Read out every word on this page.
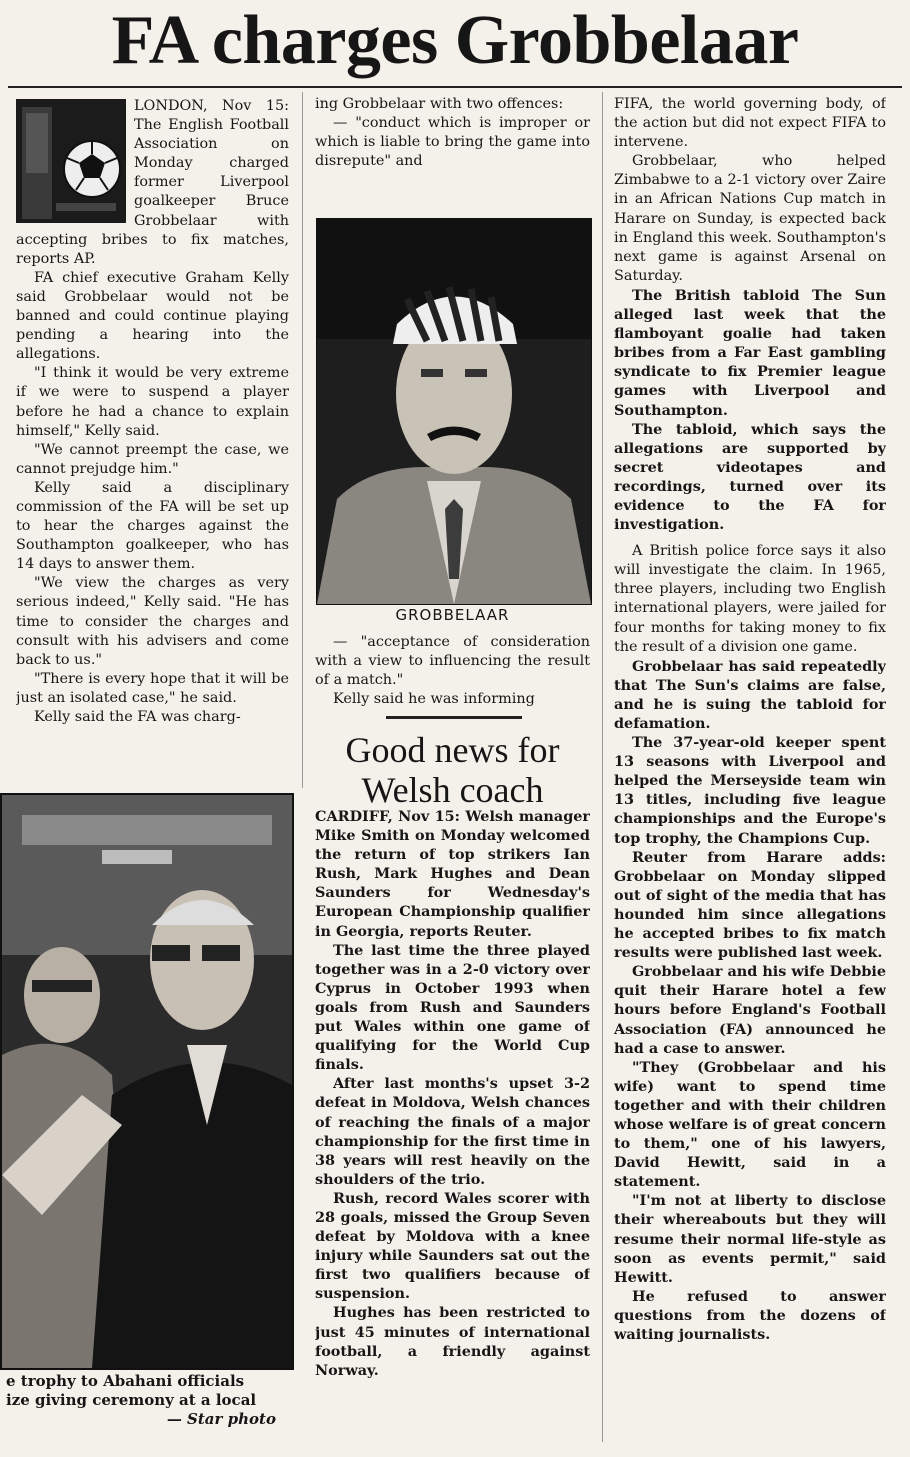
FA charges Grobbelaar

LONDON, Nov 15: The English Football Association on Monday charged former Liverpool goalkeeper Bruce Grobbelaar with accepting bribes to fix matches, reports AP.

FA chief executive Graham Kelly said Grobbelaar would not be banned and could continue playing pending a hearing into the allegations.

"I think it would be very extreme if we were to suspend a player before he had a chance to explain himself," Kelly said.

"We cannot preempt the case, we cannot prejudge him."

Kelly said a disciplinary commission of the FA will be set up to hear the charges against the Southampton goalkeeper, who has 14 days to answer them.

"We view the charges as very serious indeed," Kelly said. "He has time to consider the charges and consult with his advisers and come back to us."

"There is every hope that it will be just an isolated case," he said.

Kelly said the FA was charg-

ing Grobbelaar with two offences:

— "conduct which is improper or which is liable to bring the game into disrepute" and

GROBBELAAR

— "acceptance of consideration with a view to influencing the result of a match."

Kelly said he was informing

Good news for Welsh coach

CARDIFF, Nov 15: Welsh manager Mike Smith on Monday welcomed the return of top strikers Ian Rush, Mark Hughes and Dean Saunders for Wednesday's European Championship qualifier in Georgia, reports Reuter.

The last time the three played together was in a 2-0 victory over Cyprus in October 1993 when goals from Rush and Saunders put Wales within one game of qualifying for the World Cup finals.

After last months's upset 3-2 defeat in Moldova, Welsh chances of reaching the finals of a major championship for the first time in 38 years will rest heavily on the shoulders of the trio.

Rush, record Wales scorer with 28 goals, missed the Group Seven defeat by Moldova with a knee injury while Saunders sat out the first two qualifiers because of suspension.

Hughes has been restricted to just 45 minutes of international football, a friendly against Norway.

e trophy to Abahani officials
ize giving ceremony at a local
— Star photo

FIFA, the world governing body, of the action but did not expect FIFA to intervene.

Grobbelaar, who helped Zimbabwe to a 2-1 victory over Zaire in an African Nations Cup match in Harare on Sunday, is expected back in England this week. Southampton's next game is against Arsenal on Saturday.

The British tabloid The Sun alleged last week that the flamboyant goalie had taken bribes from a Far East gambling syndicate to fix Premier league games with Liverpool and Southampton.

The tabloid, which says the allegations are supported by secret videotapes and recordings, turned over its evidence to the FA for investigation.

A British police force says it also will investigate the claim. In 1965, three players, including two English international players, were jailed for four months for taking money to fix the result of a division one game.

Grobbelaar has said repeatedly that The Sun's claims are false, and he is suing the tabloid for defamation.

The 37-year-old keeper spent 13 seasons with Liverpool and helped the Merseyside team win 13 titles, including five league championships and the Europe's top trophy, the Champions Cup.

Reuter from Harare adds: Grobbelaar on Monday slipped out of sight of the media that has hounded him since allegations he accepted bribes to fix match results were published last week.

Grobbelaar and his wife Debbie quit their Harare hotel a few hours before England's Football Association (FA) announced he had a case to answer.

"They (Grobbelaar and his wife) want to spend time together and with their children whose welfare is of great concern to them," one of his lawyers, David Hewitt, said in a statement.

"I'm not at liberty to disclose their whereabouts but they will resume their normal life-style as soon as events permit," said Hewitt.

He refused to answer questions from the dozens of waiting journalists.
